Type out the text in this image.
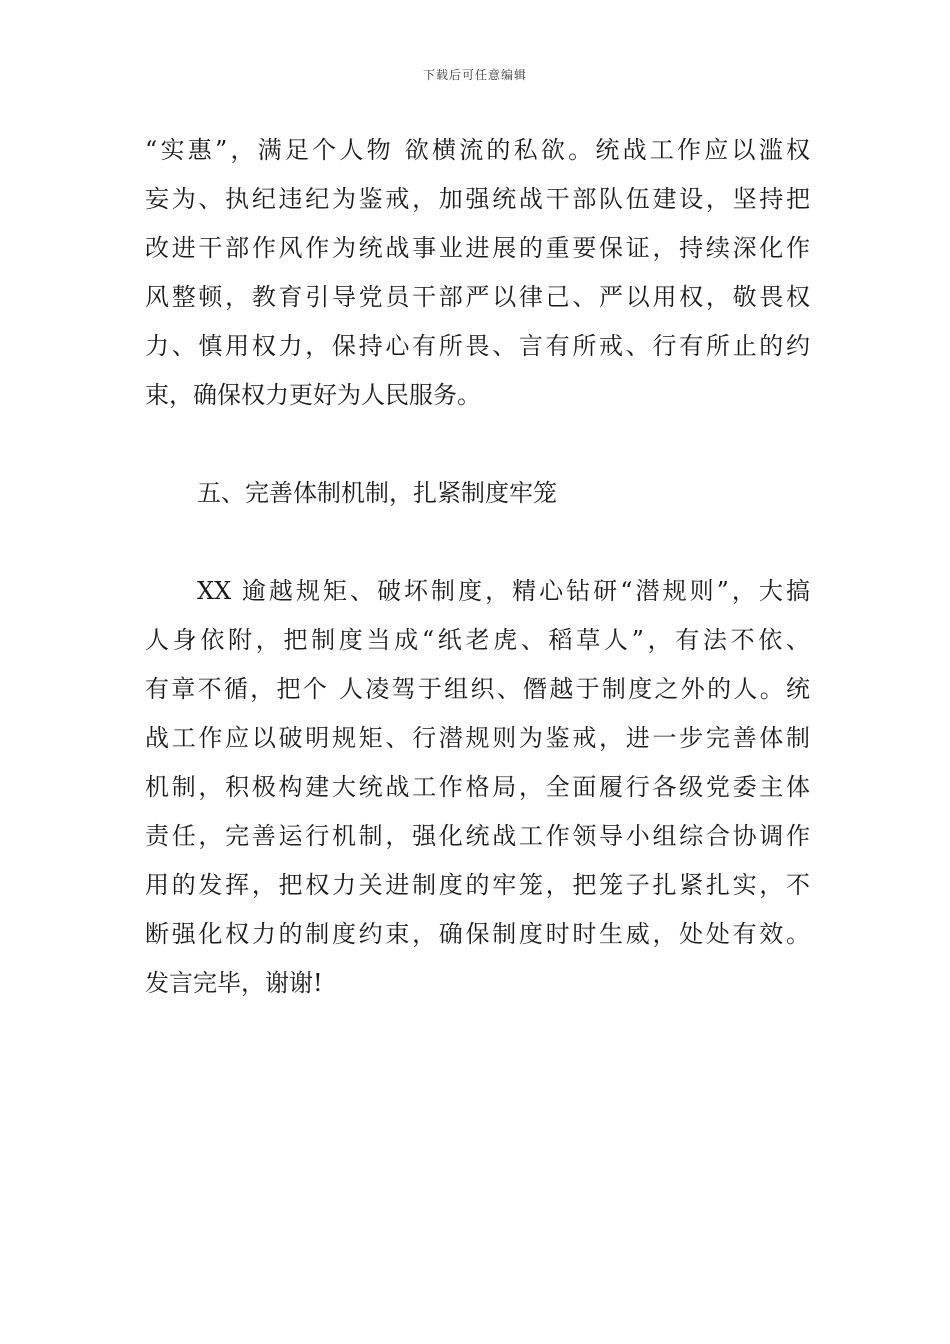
下载后可任意编辑
“实惠”，满足个人物 欲横流的私欲。统战工作应以滥权
妄为、执纪违纪为鉴戒，加强统战干部队伍建设，坚持把
改进干部作风作为统战事业进展的重要保证，持续深化作
风整顿，教育引导党员干部严以律己、严以用权，敬畏权
力、慎用权力，保持心有所畏、言有所戒、行有所止的约
束，确保权力更好为人民服务。
五、完善体制机制，扎紧制度牢笼
XX 逾越规矩、破坏制度，精心钻研“潜规则”，大搞
人身依附，把制度当成“纸老虎、稻草人”，有法不依、
有章不循，把个 人凌驾于组织、僭越于制度之外的人。统
战工作应以破明规矩、行潜规则为鉴戒，进一步完善体制
机制，积极构建大统战工作格局，全面履行各级党委主体
责任，完善运行机制，强化统战工作领导小组综合协调作
用的发挥，把权力关进制度的牢笼，把笼子扎紧扎实，不
断强化权力的制度约束，确保制度时时生威，处处有效。
发言完毕，谢谢!
